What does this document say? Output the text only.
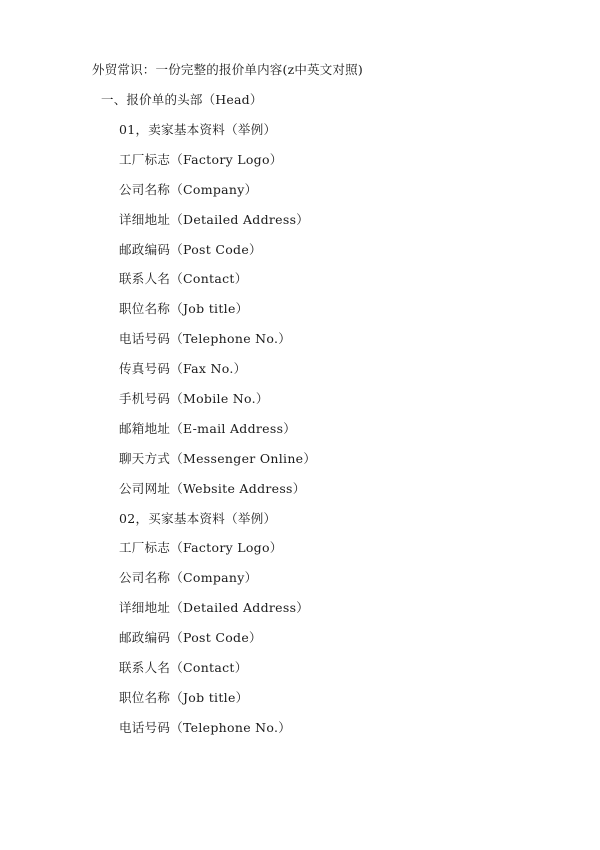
外贸常识：一份完整的报价单内容(z中英文对照)
一、报价单的头部（Head）
01，卖家基本资料（举例）
工厂标志（Factory Logo）
公司名称（Company）
详细地址（Detailed Address）
邮政编码（Post Code）
联系人名（Contact）
职位名称（Job title）
电话号码（Telephone No.）
传真号码（Fax No.）
手机号码（Mobile No.）
邮箱地址（E-mail Address）
聊天方式（Messenger Online）
公司网址（Website Address）
02，买家基本资料（举例）
工厂标志（Factory Logo）
公司名称（Company）
详细地址（Detailed Address）
邮政编码（Post Code）
联系人名（Contact）
职位名称（Job title）
电话号码（Telephone No.）
